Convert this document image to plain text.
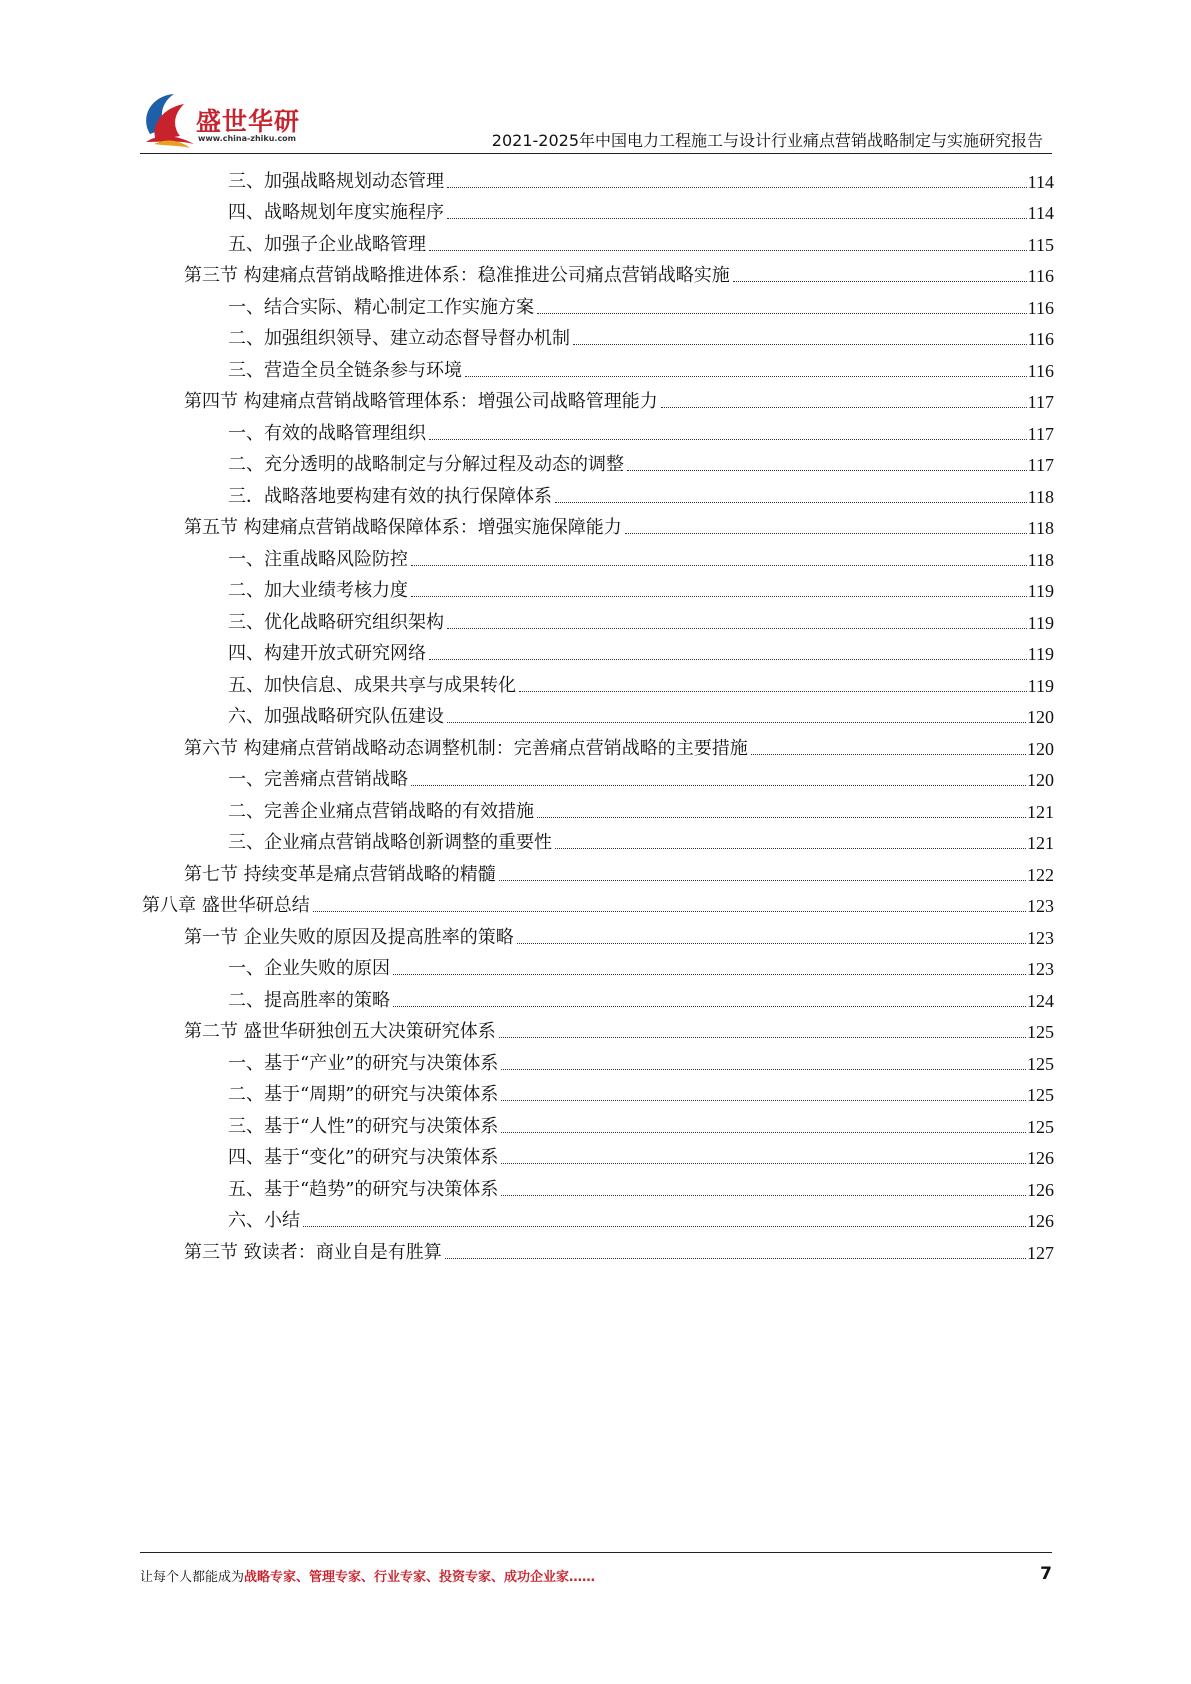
盛世华研
www.china-zhiku.com	2021-2025年中国电力工程施工与设计行业痛点营销战略制定与实施研究报告
三、加强战略规划动态管理	114
四、战略规划年度实施程序	114
五、加强子企业战略管理	115
第三节 构建痛点营销战略推进体系：稳准推进公司痛点营销战略实施	116
一、结合实际、精心制定工作实施方案	116
二、加强组织领导、建立动态督导督办机制	116
三、营造全员全链条参与环境	116
第四节 构建痛点营销战略管理体系：增强公司战略管理能力	117
一、有效的战略管理组织	117
二、充分透明的战略制定与分解过程及动态的调整	117
三．战略落地要构建有效的执行保障体系	118
第五节 构建痛点营销战略保障体系：增强实施保障能力	118
一、注重战略风险防控	118
二、加大业绩考核力度	119
三、优化战略研究组织架构	119
四、构建开放式研究网络	119
五、加快信息、成果共享与成果转化	119
六、加强战略研究队伍建设	120
第六节 构建痛点营销战略动态调整机制：完善痛点营销战略的主要措施	120
一、完善痛点营销战略	120
二、完善企业痛点营销战略的有效措施	121
三、企业痛点营销战略创新调整的重要性	121
第七节 持续变革是痛点营销战略的精髓	122
第八章 盛世华研总结	123
第一节 企业失败的原因及提高胜率的策略	123
一、企业失败的原因	123
二、提高胜率的策略	124
第二节 盛世华研独创五大决策研究体系	125
一、基于“产业”的研究与决策体系	125
二、基于“周期”的研究与决策体系	125
三、基于“人性”的研究与决策体系	125
四、基于“变化”的研究与决策体系	126
五、基于“趋势”的研究与决策体系	126
六、小结	126
第三节 致读者：商业自是有胜算	127
让每个人都能成为战略专家、管理专家、行业专家、投资专家、成功企业家……	7
